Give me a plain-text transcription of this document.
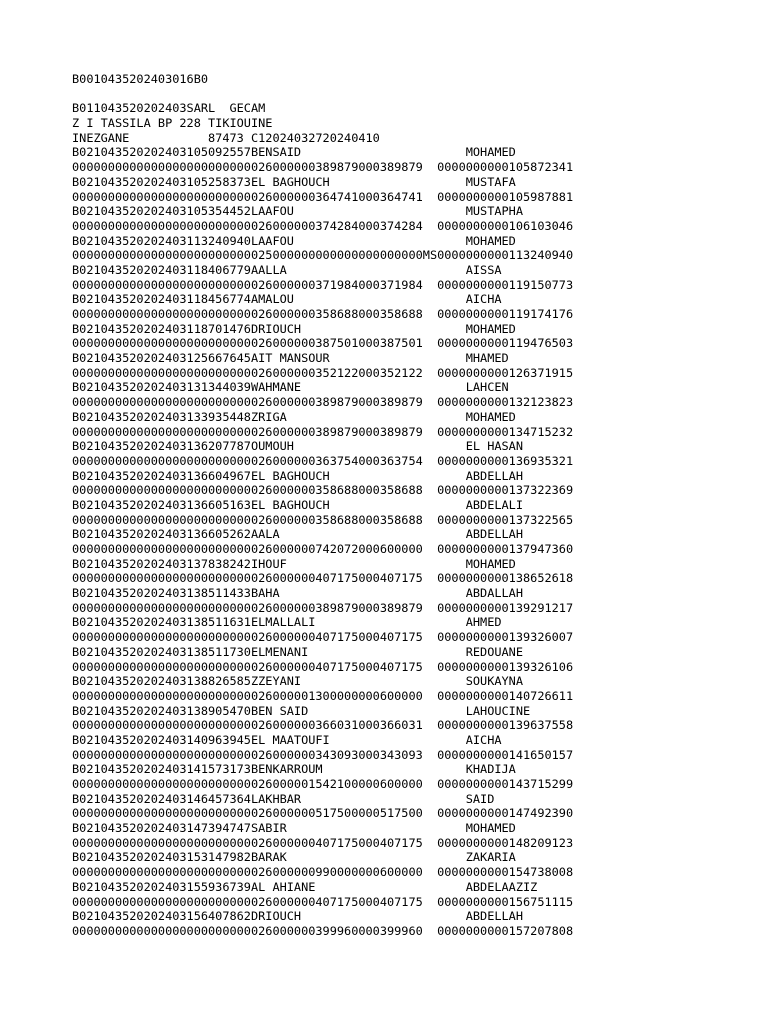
B0010435202403016B0
B011043520202403SARL  GECAM
Z I TASSILA BP 228 TIKIOUINE
INEZGANE           87473 C12024032720240410
B021043520202403105092557BENSAID                       MOHAMED
0000000000000000000000000026000000389879000389879  0000000000105872341
B021043520202403105258373EL BAGHOUCH                   MUSTAFA
0000000000000000000000000026000000364741000364741  0000000000105987881
B021043520202403105354452LAAFOU                        MUSTAPHA
0000000000000000000000000026000000374284000374284  0000000000106103046
B021043520202403113240940LAAFOU                        MOHAMED
0000000000000000000000000025000000000000000000000MS0000000000113240940
B021043520202403118406779AALLA                         AISSA
0000000000000000000000000026000000371984000371984  0000000000119150773
B021043520202403118456774AMALOU                        AICHA
0000000000000000000000000026000000358688000358688  0000000000119174176
B021043520202403118701476DRIOUCH                       MOHAMED
0000000000000000000000000026000000387501000387501  0000000000119476503
B021043520202403125667645AIT MANSOUR                   MHAMED
0000000000000000000000000026000000352122000352122  0000000000126371915
B021043520202403131344039WAHMANE                       LAHCEN
0000000000000000000000000026000000389879000389879  0000000000132123823
B021043520202403133935448ZRIGA                         MOHAMED
0000000000000000000000000026000000389879000389879  0000000000134715232
B021043520202403136207787OUMOUH                        EL HASAN
0000000000000000000000000026000000363754000363754  0000000000136935321
B021043520202403136604967EL BAGHOUCH                   ABDELLAH
0000000000000000000000000026000000358688000358688  0000000000137322369
B021043520202403136605163EL BAGHOUCH                   ABDELALI
0000000000000000000000000026000000358688000358688  0000000000137322565
B021043520202403136605262AALA                          ABDELLAH
0000000000000000000000000026000000742072000600000  0000000000137947360
B021043520202403137838242IHOUF                         MOHAMED
0000000000000000000000000026000000407175000407175  0000000000138652618
B021043520202403138511433BAHA                          ABDALLAH
0000000000000000000000000026000000389879000389879  0000000000139291217
B021043520202403138511631ELMALLALI                     AHMED
0000000000000000000000000026000000407175000407175  0000000000139326007
B021043520202403138511730ELMENANI                      REDOUANE
0000000000000000000000000026000000407175000407175  0000000000139326106
B021043520202403138826585ZZEYANI                       SOUKAYNA
0000000000000000000000000026000001300000000600000  0000000000140726611
B021043520202403138905470BEN SAID                      LAHOUCINE
0000000000000000000000000026000000366031000366031  0000000000139637558
B021043520202403140963945EL MAATOUFI                   AICHA
0000000000000000000000000026000000343093000343093  0000000000141650157
B021043520202403141573173BENKARROUM                    KHADIJA
0000000000000000000000000026000001542100000600000  0000000000143715299
B021043520202403146457364LAKHBAR                       SAID
0000000000000000000000000026000000517500000517500  0000000000147492390
B021043520202403147394747SABIR                         MOHAMED
0000000000000000000000000026000000407175000407175  0000000000148209123
B021043520202403153147982BARAK                         ZAKARIA
0000000000000000000000000026000000990000000600000  0000000000154738008
B021043520202403155936739AL AHIANE                     ABDELAAZIZ
0000000000000000000000000026000000407175000407175  0000000000156751115
B021043520202403156407862DRIOUCH                       ABDELLAH
0000000000000000000000000026000000399960000399960  0000000000157207808
